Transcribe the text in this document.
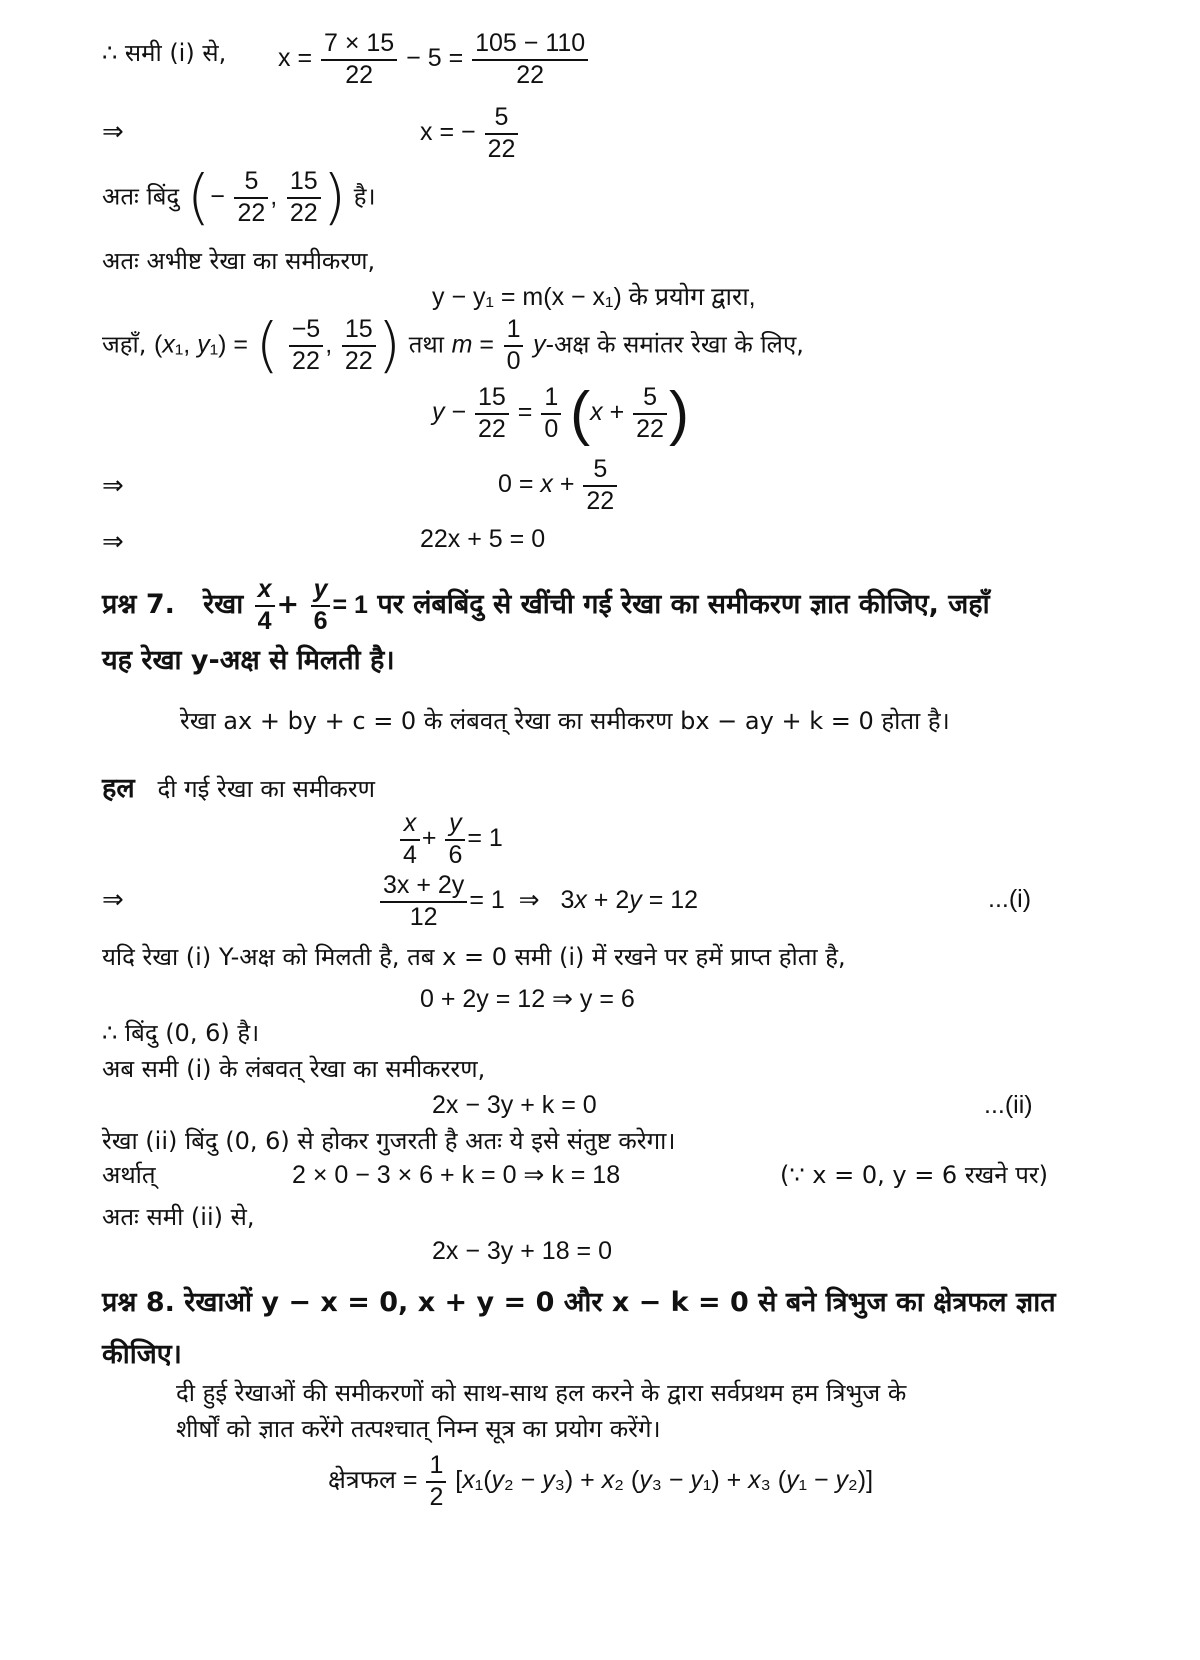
∴ समी (i) से, $x = \frac{7 \times 15}{22} - 5 = \frac{105 - 110}{22}$
⇒	x = − $\frac{5}{22}$
अतः बिंदु (− $\frac{5}{22}$ , $\frac{15}{22}$ ) है।
अतः अभीष्ट रेखा का समीकरण,
y − y₁ = m(x − x₁) के प्रयोग द्वारा,
जहाँ, (x₁, y₁) = ( $\frac{-5}{22}$ , $\frac{15}{22}$ ) तथा $m = \frac{1}{0}$ y-अक्ष के समांतर रेखा के लिए,
$y - \frac{15}{22} = \frac{1}{0} (x + \frac{5}{22}$ )
⇒	$0 = x + \frac{5}{22}$
⇒	22x + 5 = 0
प्रश्न 7.   रेखा $\frac{x}{4} + \frac{y}{6} = 1$ पर लंबबिंदु से खींची गई रेखा का समीकरण ज्ञात कीजिए, जहाँ
यह रेखा y-अक्ष से मिलती है।
रेखा ax + by + c = 0 के लंबवत् रेखा का समीकरण bx − ay + k = 0 होता है।
हल दी गई रेखा का समीकरण
$\frac{x}{4} + \frac{y}{6} = 1$
⇒	$\frac{3x + 2y}{12} = 1$  ⇒   3x + 2y = 12	...(i)
यदि रेखा (i) Y-अक्ष को मिलती है, तब x = 0 समी (i) में रखने पर हमें प्राप्त होता है,
0 + 2y = 12 ⇒ y = 6
∴ बिंदु (0, 6) है।
अब समी (i) के लंबवत् रेखा का समीकररण,
2x − 3y + k = 0	...(ii)
रेखा (ii) बिंदु (0, 6) से होकर गुजरती है अतः ये इसे संतुष्ट करेगा।
अर्थात्	2 × 0 − 3 × 6 + k = 0 ⇒ k = 18	(∵ x = 0, y = 6 रखने पर)
अतः समी (ii) से,
2x − 3y + 18 = 0
प्रश्न 8. रेखाओं y − x = 0, x + y = 0 और x − k = 0 से बने त्रिभुज का क्षेत्रफल ज्ञात
कीजिए।
दी हुई रेखाओं की समीकरणों को साथ-साथ हल करने के द्वारा सर्वप्रथम हम त्रिभुज के
शीर्षों को ज्ञात करेंगे तत्पश्चात् निम्न सूत्र का प्रयोग करेंगे।
क्षेत्रफल = $\frac{1}{2} [x_1(y_2 - y_3) + x_2$ (y₃ − y₁) + x₃ (y₁ − y₂)]
